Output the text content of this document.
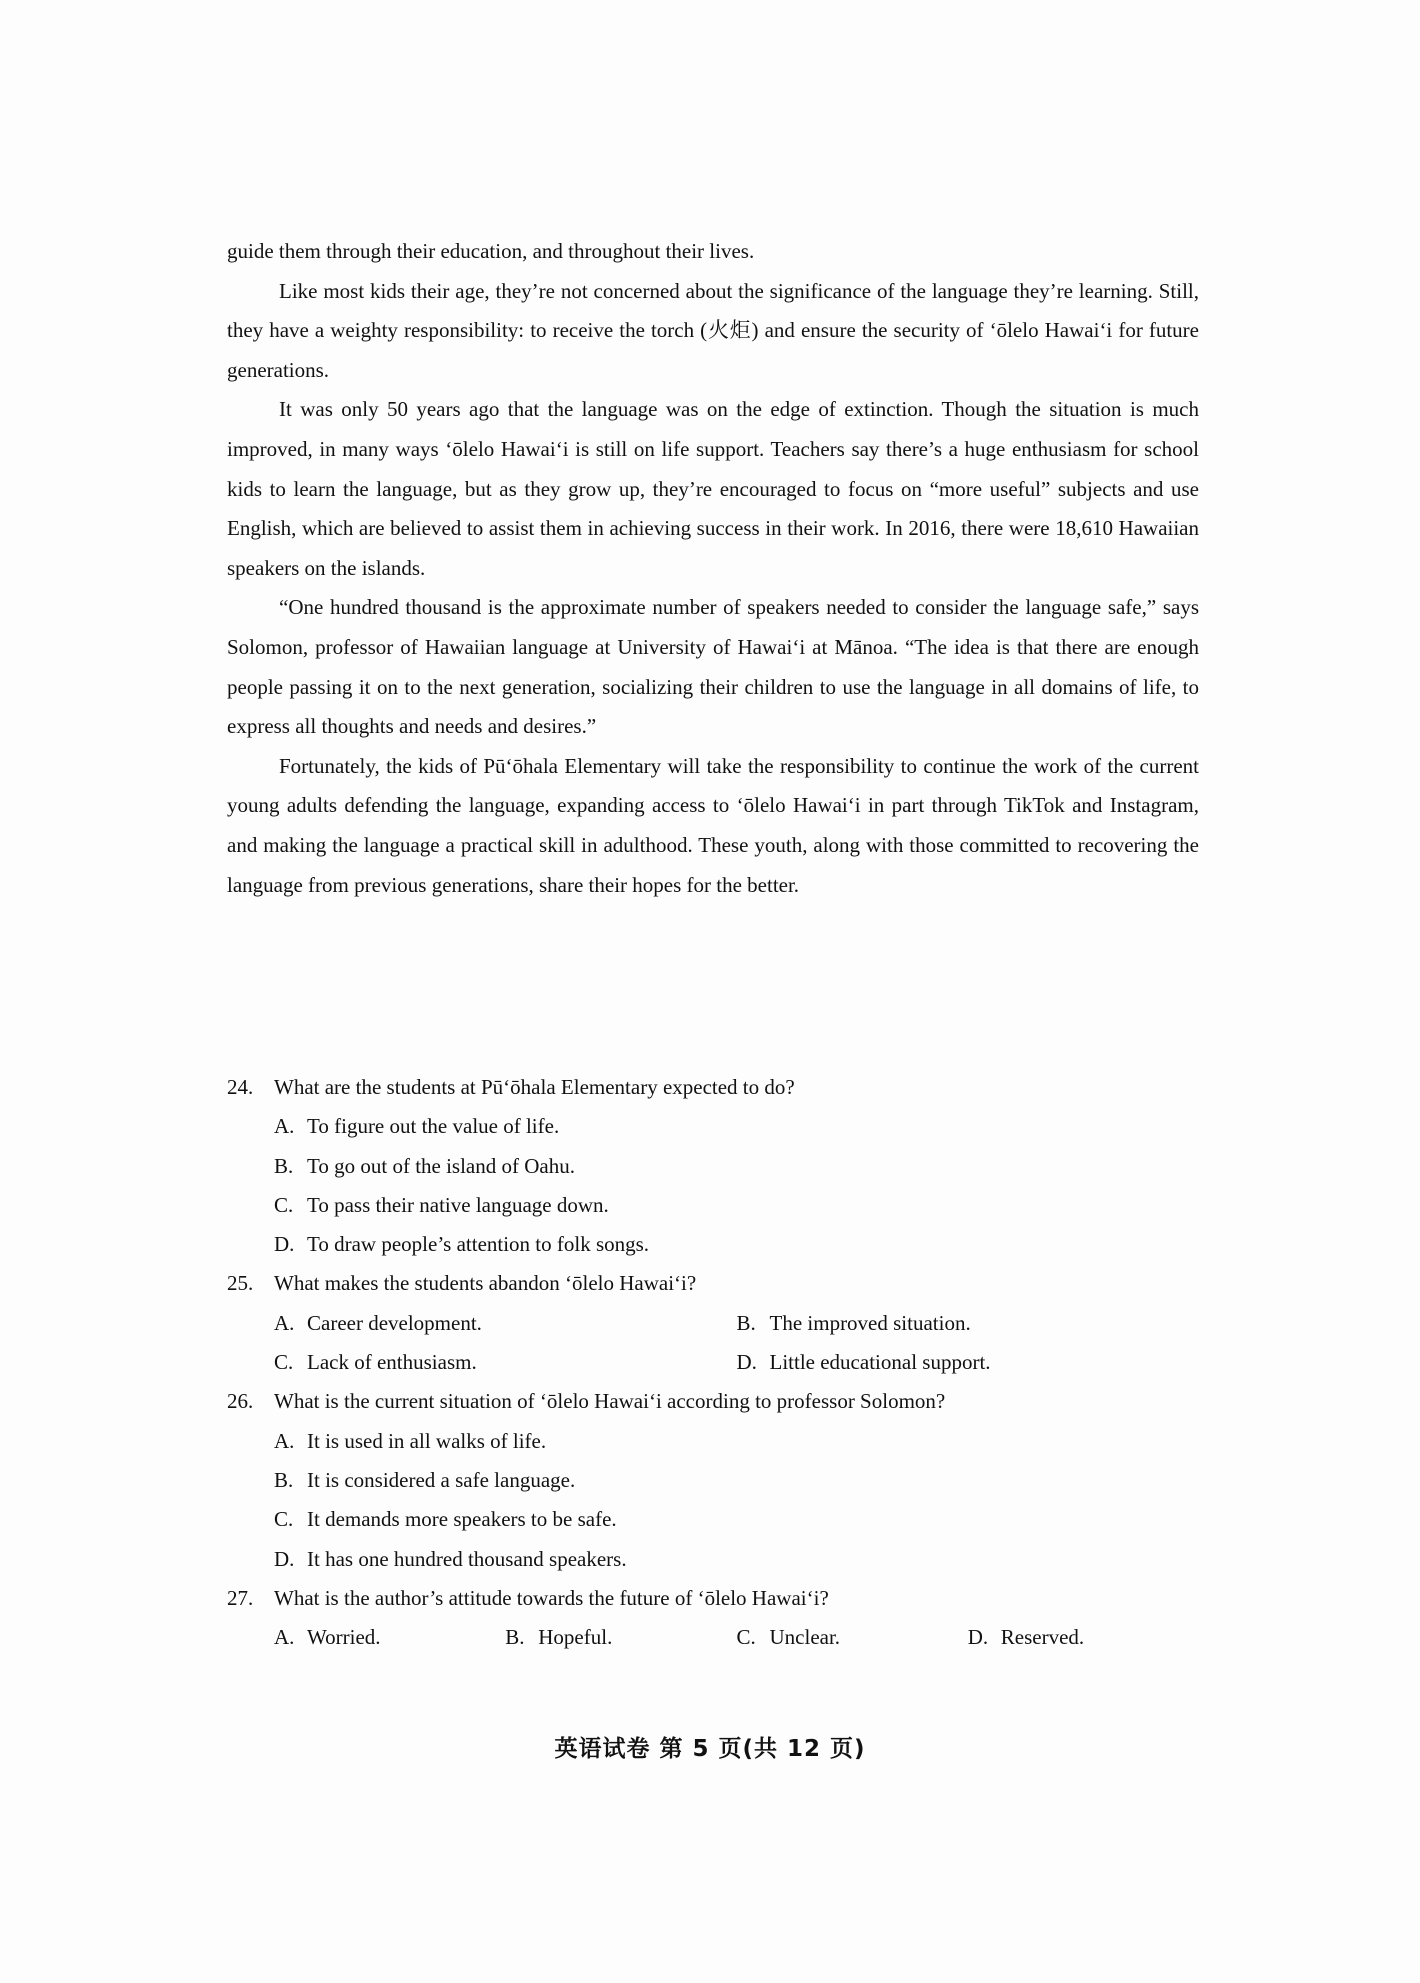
guide them through their education, and throughout their lives.

Like most kids their age, they’re not concerned about the significance of the language they’re learning. Still, they have a weighty responsibility: to receive the torch (火炬) and ensure the security of ‘ōlelo Hawai‘i for future generations.

It was only 50 years ago that the language was on the edge of extinction. Though the situation is much improved, in many ways ‘ōlelo Hawai‘i is still on life support. Teachers say there’s a huge enthusiasm for school kids to learn the language, but as they grow up, they’re encouraged to focus on “more useful” subjects and use English, which are believed to assist them in achieving success in their work. In 2016, there were 18,610 Hawaiian speakers on the islands.

“One hundred thousand is the approximate number of speakers needed to consider the language safe,” says Solomon, professor of Hawaiian language at University of Hawai‘i at Mānoa. “The idea is that there are enough people passing it on to the next generation, socializing their children to use the language in all domains of life, to express all thoughts and needs and desires.”

Fortunately, the kids of Pū‘ōhala Elementary will take the responsibility to continue the work of the current young adults defending the language, expanding access to ‘ōlelo Hawai‘i in part through TikTok and Instagram, and making the language a practical skill in adulthood. These youth, along with those committed to recovering the language from previous generations, share their hopes for the better.

24. What are the students at Pū‘ōhala Elementary expected to do?

A. To figure out the value of life.
B. To go out of the island of Oahu.
C. To pass their native language down.
D. To draw people’s attention to folk songs.

25. What makes the students abandon ‘ōlelo Hawai‘i?

A. Career development.	B. The improved situation.
C. Lack of enthusiasm.	D. Little educational support.

26. What is the current situation of ‘ōlelo Hawai‘i according to professor Solomon?

A. It is used in all walks of life.
B. It is considered a safe language.
C. It demands more speakers to be safe.
D. It has one hundred thousand speakers.

27. What is the author’s attitude towards the future of ‘ōlelo Hawai‘i?

A. Worried.	B. Hopeful.	C. Unclear.	D. Reserved.
英语试卷 第 5 页(共 12 页)
